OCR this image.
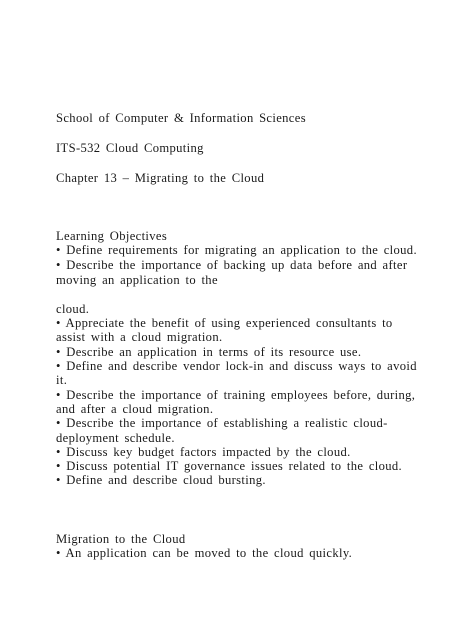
School of Computer & Information Sciences
ITS-532 Cloud Computing
Chapter 13 – Migrating to the Cloud
Learning Objectives
• Define requirements for migrating an application to the cloud.
• Describe the importance of backing up data before and after
moving an application to the
cloud.
• Appreciate the benefit of using experienced consultants to
assist with a cloud migration.
• Describe an application in terms of its resource use.
• Define and describe vendor lock-in and discuss ways to avoid
it.
• Describe the importance of training employees before, during,
and after a cloud migration.
• Describe the importance of establishing a realistic cloud-
deployment schedule.
• Discuss key budget factors impacted by the cloud.
• Discuss potential IT governance issues related to the cloud.
• Define and describe cloud bursting.
Migration to the Cloud
• An application can be moved to the cloud quickly.
